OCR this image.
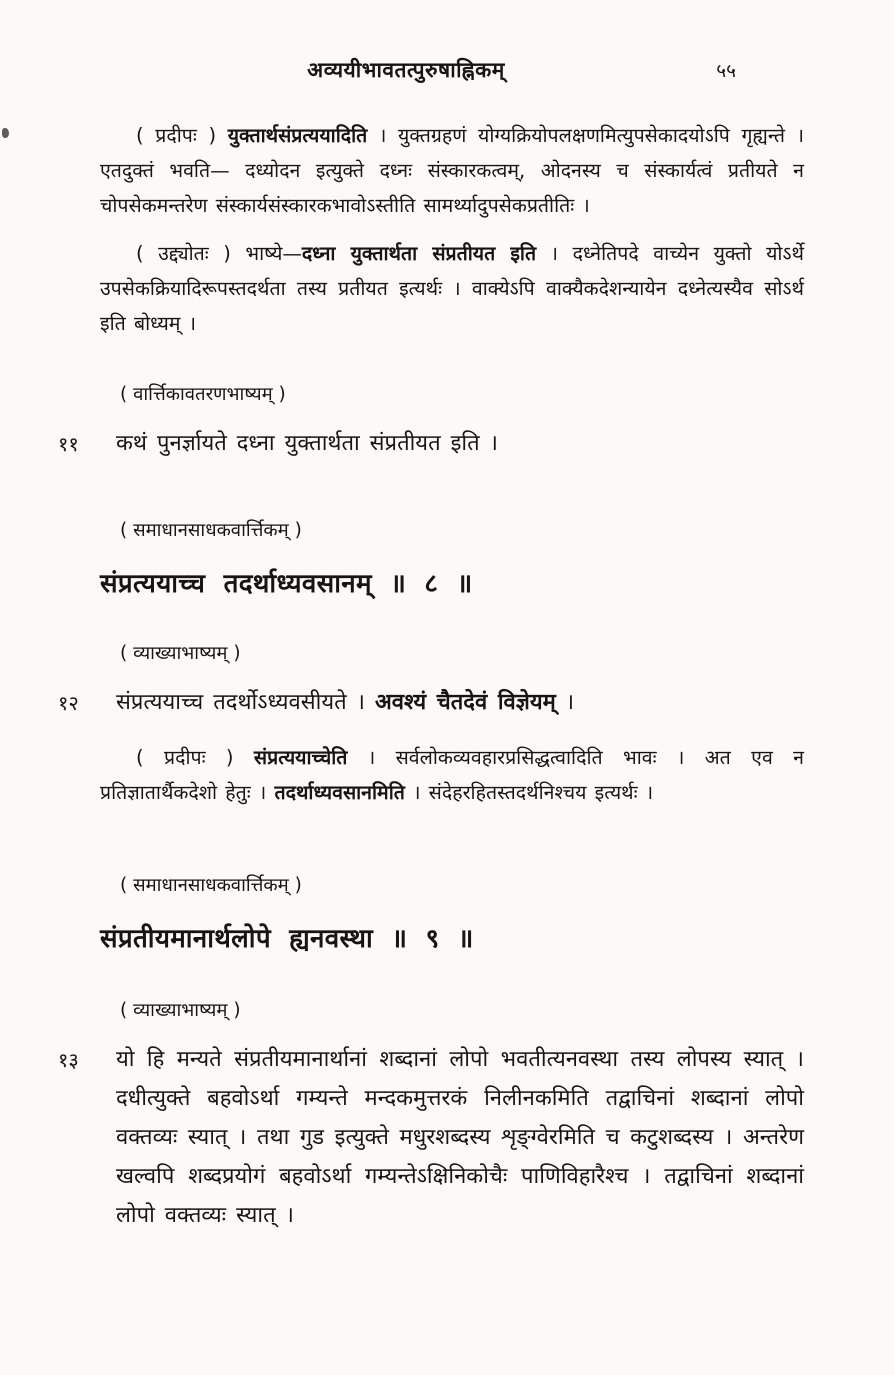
अव्ययीभावतत्पुरुषाह्निकम्	५५
( प्रदीपः ) युक्तार्थसंप्रत्ययादिति । युक्तग्रहणं योग्यक्रियोपलक्षणमित्युपसेकादयोऽपि गृह्यन्ते । एतदुक्तं भवति— दध्योदन इत्युक्ते दध्नः संस्कारकत्वम्, ओदनस्य च संस्कार्यत्वं प्रतीयते न चोपसेकमन्तरेण संस्कार्यसंस्कारकभावोऽस्तीति सामर्थ्यादुपसेकप्रतीतिः ।
( उद्द्योतः ) भाष्ये—दध्ना युक्तार्थता संप्रतीयत इति । दध्नेतिपदे वाच्येन युक्तो योऽर्थे उपसेकक्रियादिरूपस्तदर्थता तस्य प्रतीयत इत्यर्थः । वाक्येऽपि वाक्यैकदेशन्यायेन दध्नेत्यस्यैव सोऽर्थ इति बोध्यम् ।
( वार्त्तिकावतरणभाष्यम् )
११ कथं पुनर्ज्ञायते दध्ना युक्तार्थता संप्रतीयत इति ।
( समाधानसाधकवार्त्तिकम् )
संप्रत्ययाच्च तदर्थाध्यवसानम् ॥ ८ ॥
( व्याख्याभाष्यम् )
१२ संप्रत्ययाच्च तदर्थोऽध्यवसीयते । अवश्यं चैतदेवं विज्ञेयम् ।
( प्रदीपः ) संप्रत्ययाच्चेति । सर्वलोकव्यवहारप्रसिद्धत्वादिति भावः । अत एव न प्रतिज्ञातार्थैकदेशो हेतुः । तदर्थाध्यवसानमिति । संदेहरहितस्तदर्थनिश्चय इत्यर्थः ।
( समाधानसाधकवार्त्तिकम् )
संप्रतीयमानार्थलोपे ह्यनवस्था ॥ ९ ॥
( व्याख्याभाष्यम् )
१३ यो हि मन्यते संप्रतीयमानार्थानां शब्दानां लोपो भवतीत्यनवस्था तस्य लोपस्य स्यात् । दधीत्युक्ते बहवोऽर्था गम्यन्ते मन्दकमुत्तरकं निलीनकमिति तद्वाचिनां शब्दानां लोपो वक्तव्यः स्यात् । तथा गुड इत्युक्ते मधुरशब्दस्य शृङ्ग्वेरमिति च कटुशब्दस्य । अन्तरेण खल्वपि शब्दप्रयोगं बहवोऽर्था गम्यन्तेऽक्षिनिकोचैः पाणिविहारैश्च । तद्वाचिनां शब्दानां लोपो वक्तव्यः स्यात् ।
